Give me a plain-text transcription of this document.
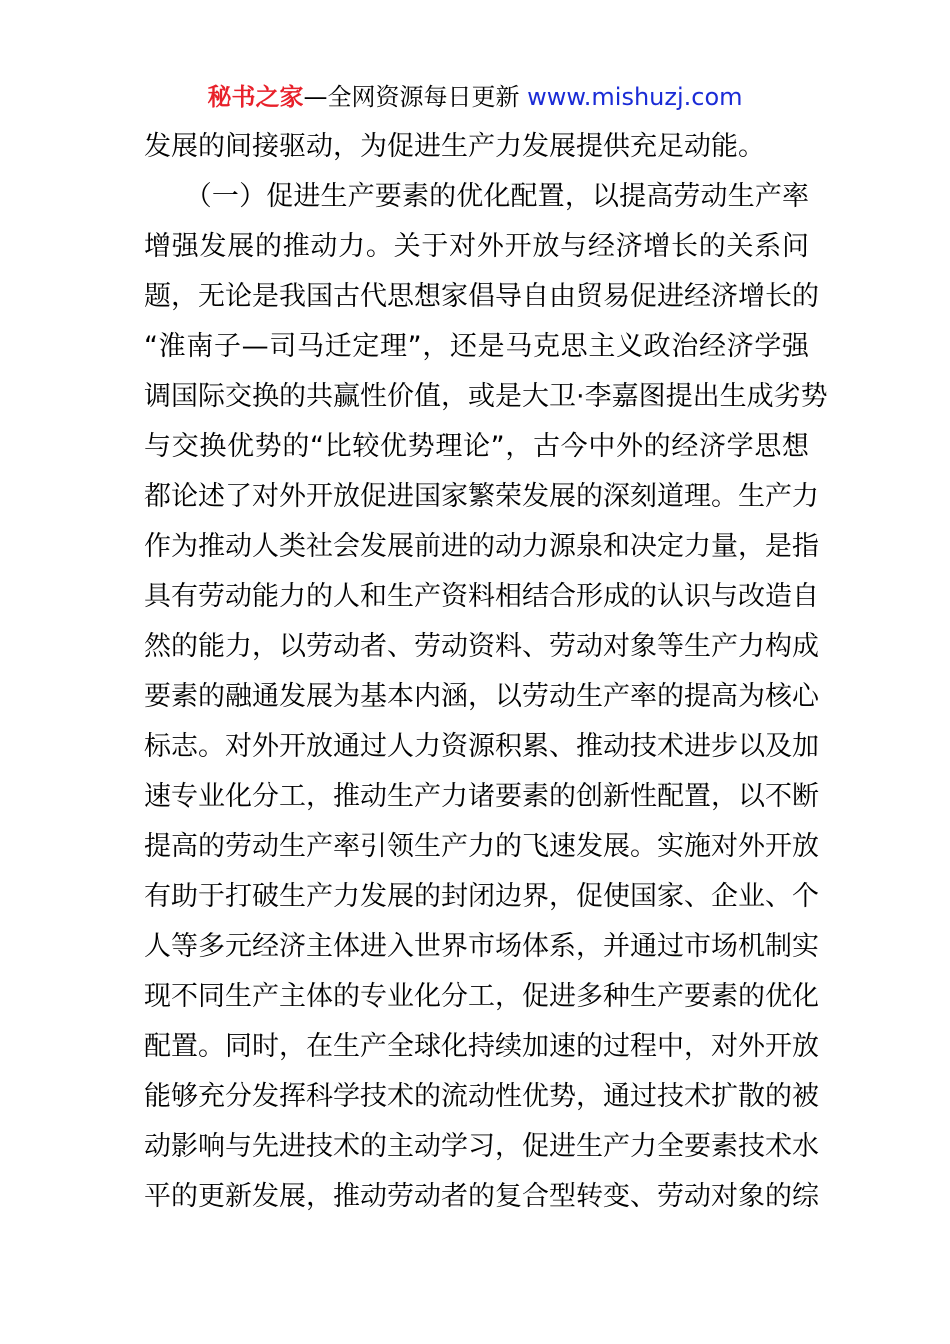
秘书之家—全网资源每日更新 www.mishuzj.com
发展的间接驱动，为促进生产力发展提供充足动能。
　　（一）促进生产要素的优化配置，以提高劳动生产率
增强发展的推动力。关于对外开放与经济增长的关系问
题，无论是我国古代思想家倡导自由贸易促进经济增长的
“淮南子—司马迁定理”，还是马克思主义政治经济学强
调国际交换的共赢性价值，或是大卫·李嘉图提出生成劣势
与交换优势的“比较优势理论”，古今中外的经济学思想
都论述了对外开放促进国家繁荣发展的深刻道理。生产力
作为推动人类社会发展前进的动力源泉和决定力量，是指
具有劳动能力的人和生产资料相结合形成的认识与改造自
然的能力，以劳动者、劳动资料、劳动对象等生产力构成
要素的融通发展为基本内涵，以劳动生产率的提高为核心
标志。对外开放通过人力资源积累、推动技术进步以及加
速专业化分工，推动生产力诸要素的创新性配置，以不断
提高的劳动生产率引领生产力的飞速发展。实施对外开放
有助于打破生产力发展的封闭边界，促使国家、企业、个
人等多元经济主体进入世界市场体系，并通过市场机制实
现不同生产主体的专业化分工，促进多种生产要素的优化
配置。同时，在生产全球化持续加速的过程中，对外开放
能够充分发挥科学技术的流动性优势，通过技术扩散的被
动影响与先进技术的主动学习，促进生产力全要素技术水
平的更新发展，推动劳动者的复合型转变、劳动对象的综
